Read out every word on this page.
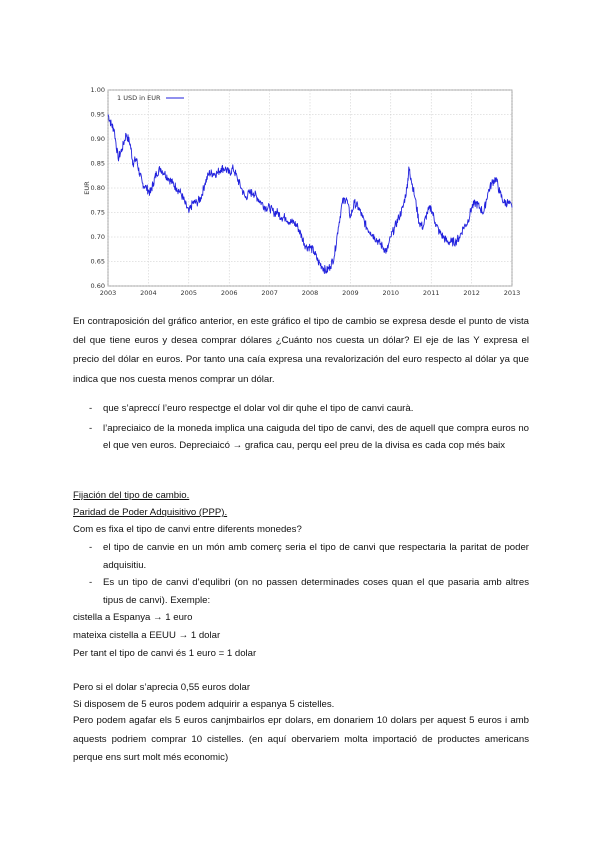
0.60
0.65
0.70
0.75
0.80
0.85
0.90
0.95
1.00
2003	2004	2005	2006	2007	2008	2009	2010	2011	2012	2013
EUR
1 USD in EUR
En contraposición del gráfico anterior, en este gráfico el tipo de cambio se expresa desde el punto de vista del que tiene euros y desea comprar dólares ¿Cuánto nos cuesta un dólar? El eje de las Y expresa el precio del dólar en euros. Por tanto una caía expresa una revalorización del euro respecto al dólar ya que indica que nos cuesta menos comprar un dólar.
- que s’apreccí l’euro respectge el dolar vol dir quhe el tipo de canvi caurà.
- l’apreciaico de la moneda implica una caiguda del tipo de canvi, des de aquell que compra euros no el que ven euros. Depreciaicó → grafica cau, perqu eel preu de la divisa es cada cop més baix
Fijación del tipo de cambio.
Paridad de Poder Adquisitivo (PPP).
Com es fixa el tipo de canvi entre diferents monedes?
- el tipo de canvie en un món amb comerç seria el tipo de canvi que respectaria la paritat de poder adquisitiu.
- Es un tipo de canvi d’equlibri (on no passen determinades coses quan el que pasaria amb altres tipus de canvi). Exemple:
cistella a Espanya → 1 euro
mateixa cistella a EEUU → 1 dolar
Per tant el tipo de canvi és 1 euro = 1 dolar
Pero si el dolar s’aprecia 0,55 euros dolar
Si disposem de 5 euros podem adquirir a espanya 5 cistelles.
Pero podem agafar els 5 euros canjmbairlos epr dolars, em donariem 10 dolars per aquest 5 euros i amb aquests podriem comprar 10 cistelles. (en aquí obervariem molta importació de productes americans perque ens surt molt més economic)
